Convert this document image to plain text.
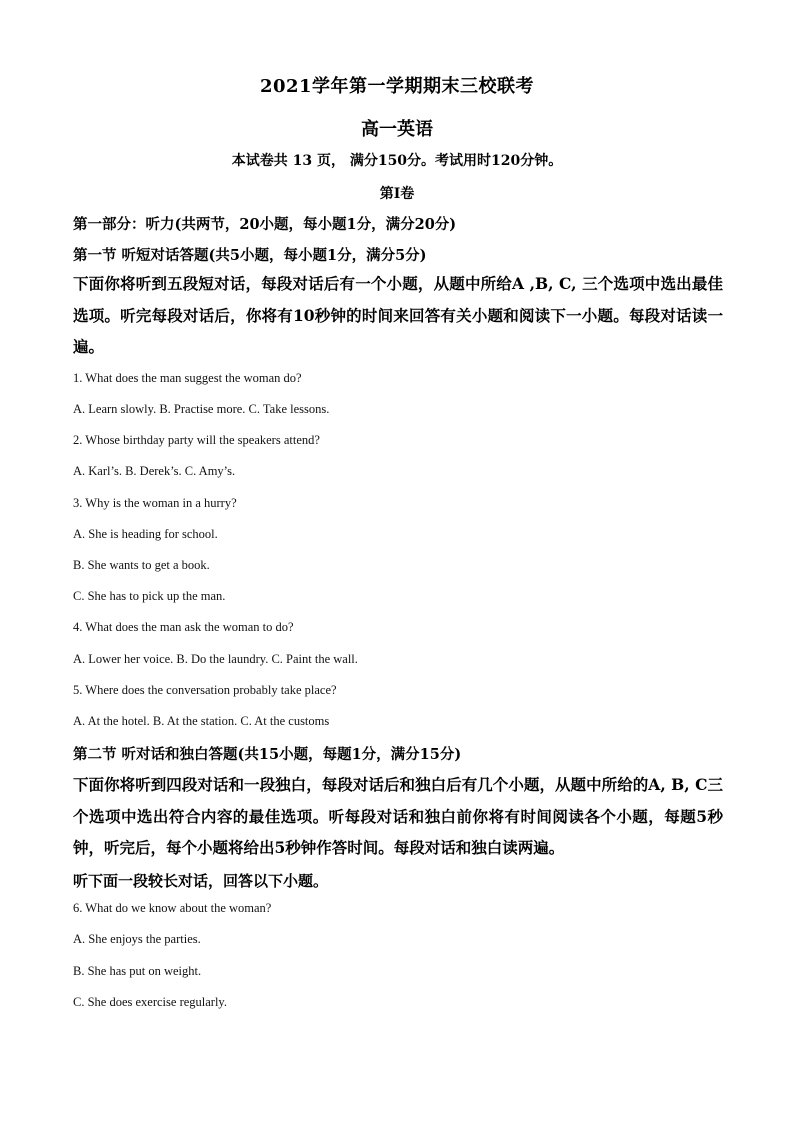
2021学年第一学期期末三校联考
高一英语
本试卷共 13 页， 满分150分。考试用时120分钟。
第I卷
第一部分：听力(共两节，20小题，每小题1分，满分20分)
第一节 听短对话答题(共5小题，每小题1分，满分5分)
下面你将听到五段短对话，每段对话后有一个小题，从题中所给A ,B, C, 三个选项中选出最佳选项。听完每段对话后，你将有10秒钟的时间来回答有关小题和阅读下一小题。每段对话读一遍。
1. What does the man suggest the woman do?
A. Learn slowly. B. Practise more. C. Take lessons.
2. Whose birthday party will the speakers attend?
A. Karl’s. B. Derek’s. C. Amy’s.
3. Why is the woman in a hurry?
A. She is heading for school.
B. She wants to get a book.
C. She has to pick up the man.
4. What does the man ask the woman to do?
A. Lower her voice. B. Do the laundry. C. Paint the wall.
5. Where does the conversation probably take place?
A. At the hotel. B. At the station. C. At the customs
第二节 听对话和独白答题(共15小题，每题1分，满分15分)
下面你将听到四段对话和一段独白，每段对话后和独白后有几个小题，从题中所给的A, B, C三个选项中选出符合内容的最佳选项。听每段对话和独白前你将有时间阅读各个小题，每题5秒钟，听完后，每个小题将给出5秒钟作答时间。每段对话和独白读两遍。
听下面一段较长对话，回答以下小题。
6. What do we know about the woman?
A. She enjoys the parties.
B. She has put on weight.
C. She does exercise regularly.
